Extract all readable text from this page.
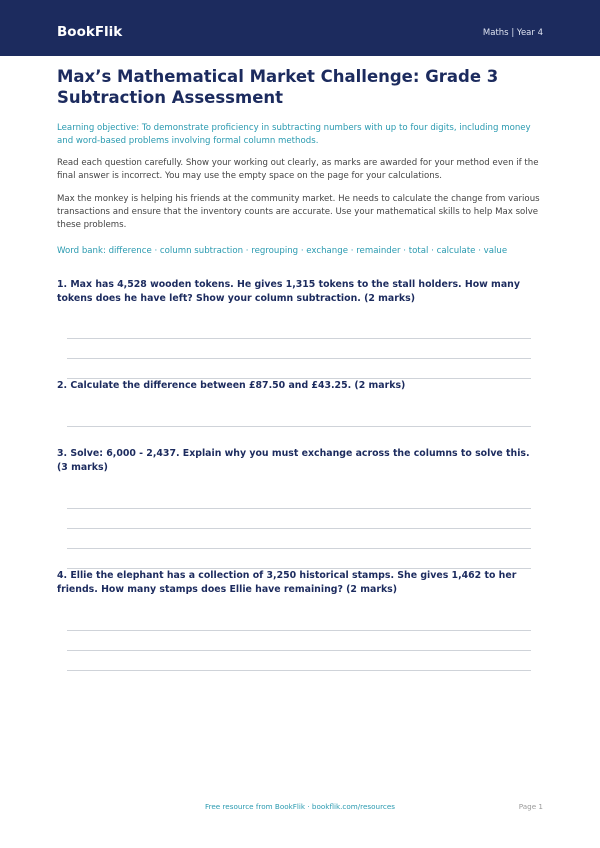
BookFlik	Maths | Year 4
Max’s Mathematical Market Challenge: Grade 3 Subtraction Assessment

Learning objective: To demonstrate proficiency in subtracting numbers with up to four digits, including money and word-based problems involving formal column methods.

Read each question carefully. Show your working out clearly, as marks are awarded for your method even if the final answer is incorrect. You may use the empty space on the page for your calculations.

Max the monkey is helping his friends at the community market. He needs to calculate the change from various transactions and ensure that the inventory counts are accurate. Use your mathematical skills to help Max solve these problems.

Word bank: difference · column subtraction · regrouping · exchange · remainder · total · calculate · value

1. Max has 4,528 wooden tokens. He gives 1,315 tokens to the stall holders. How many tokens does he have left? Show your column subtraction. (2 marks)

2. Calculate the difference between £87.50 and £43.25. (2 marks)

3. Solve: 6,000 - 2,437. Explain why you must exchange across the columns to solve this. (3 marks)

4. Ellie the elephant has a collection of 3,250 historical stamps. She gives 1,462 to her friends. How many stamps does Ellie have remaining? (2 marks)

Free resource from BookFlik · bookflik.com/resources	Page 1
